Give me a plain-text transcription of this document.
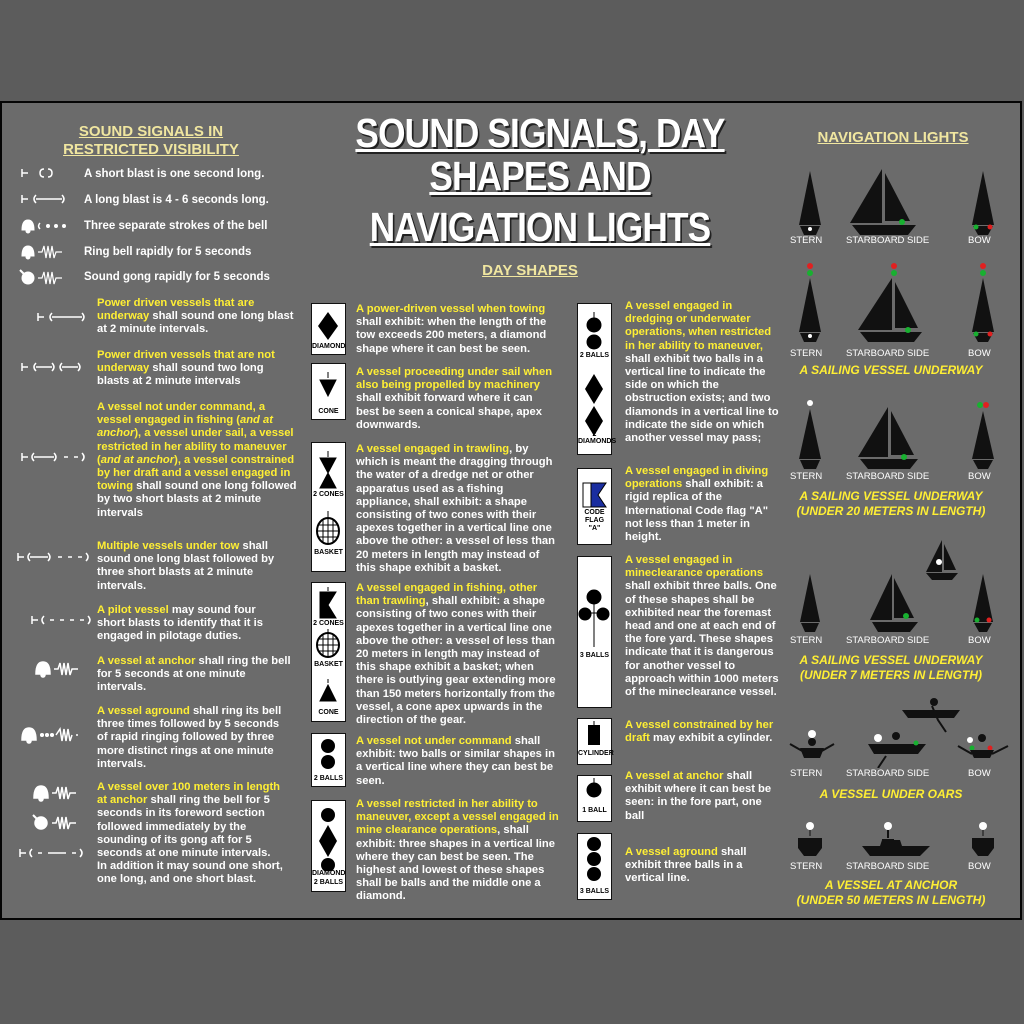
SOUND SIGNALS, DAY SHAPES AND
NAVIGATION LIGHTS
SOUND SIGNALS IN
RESTRICTED VISIBILITY
A short blast is one second long.
A long blast is 4 - 6 seconds long.
Three separate strokes of the bell
Ring bell rapidly for 5 seconds
Sound gong rapidly for 5 seconds
Power driven vessels that are underway shall sound one long blast at 2 minute intervals.
Power driven vessels that are not underway shall sound two long blasts at 2 minute intervals
A vessel not under command, a vessel engaged in fishing (and at anchor), a vessel under sail, a vessel restricted in her ability to maneuver (and at anchor), a vessel constrained by her draft and a vessel engaged in towing shall sound one long followed by two short blasts at 2 minute intervals
Multiple vessels under tow shall sound one long blast followed by three short blasts at 2 minute intervals.
A pilot vessel may sound four short blasts to identify that it is engaged in pilotage duties.
A vessel at anchor shall ring the bell for 5 seconds at one minute intervals.
A vessel aground shall ring its bell three times followed by 5 seconds of rapid ringing followed by three more distinct rings at one minute intervals.
A vessel over 100 meters in length at anchor shall ring the bell for 5 seconds in its foreword section followed immediately by the sounding of its gong aft for 5 seconds at one minute intervals. In addition it may sound one short, one long, and one short blast.
DAY SHAPES
DIAMOND
CONE
2 CONES
BASKET
2 CONES
BASKET
CONE
2 BALLS
DIAMOND
2 BALLS
A power-driven vessel when towing shall exhibit: when the length of the tow exceeds 200 meters, a diamond shape where it can best be seen.
A vessel proceeding under sail when also being propelled by machinery shall exhibit forward where it can best be seen a conical shape, apex downwards.
A vessel engaged in trawling, by which is meant the dragging through the water of a dredge net or other apparatus used as a fishing appliance, shall exhibit: a shape consisting of two cones with their apexes together in a vertical line one above the other: a vessel of less than 20 meters in length may instead of this shape exhibit a basket.
A vessel engaged in fishing, other than trawling, shall exhibit: a shape consisting of two cones with their apexes together in a vertical line one above the other: a vessel of less than 20 meters in length may instead of this shape exhibit a basket; when there is outlying gear extending more than 150 meters horizontally from the vessel, a cone apex upwards in the direction of the gear.
A vessel not under command shall exhibit: two balls or similar shapes in a vertical line where they can best be seen.
A vessel restricted in her ability to maneuver, except a vessel engaged in mine clearance operations, shall exhibit: three shapes in a vertical line where they can best be seen. The highest and lowest of these shapes shall be balls and the middle one a diamond.
2 BALLS
2 DIAMONDS
CODE
FLAG
"A"
3 BALLS
CYLINDER
1 BALL
3 BALLS
A vessel engaged in dredging or underwater operations, when restricted in her ability to maneuver, shall exhibit two balls in a vertical line to indicate the side on which the obstruction exists; and two diamonds in a vertical line to indicate the side on which another vessel may pass;
A vessel engaged in diving operations shall exhibit: a rigid replica of the International Code flag "A" not less than 1 meter in height.
A vessel engaged in mineclearance operations shall exhibit three balls. One of these shapes shall be exhibited near the foremast head and one at each end of the fore yard. These shapes indicate that it is dangerous for another vessel to approach within 1000 meters of the mineclearance vessel.
A vessel constrained by her draft may exhibit a cylinder.
A vessel at anchor shall exhibit where it can best be seen: in the fore part, one ball
A vessel aground shall exhibit three balls in a vertical line.
NAVIGATION LIGHTS
STERN	STARBOARD SIDE	BOW
STERN	STARBOARD SIDE	BOW
A SAILING VESSEL UNDERWAY
STERN	STARBOARD SIDE	BOW
A SAILING VESSEL UNDERWAY
(UNDER 20 METERS IN LENGTH)
STERN	STARBOARD SIDE	BOW
A SAILING VESSEL UNDERWAY
(UNDER 7 METERS IN LENGTH)
STERN	STARBOARD SIDE	BOW
A VESSEL UNDER OARS
STERN	STARBOARD SIDE	BOW
A VESSEL AT ANCHOR
(UNDER 50 METERS IN LENGTH)
